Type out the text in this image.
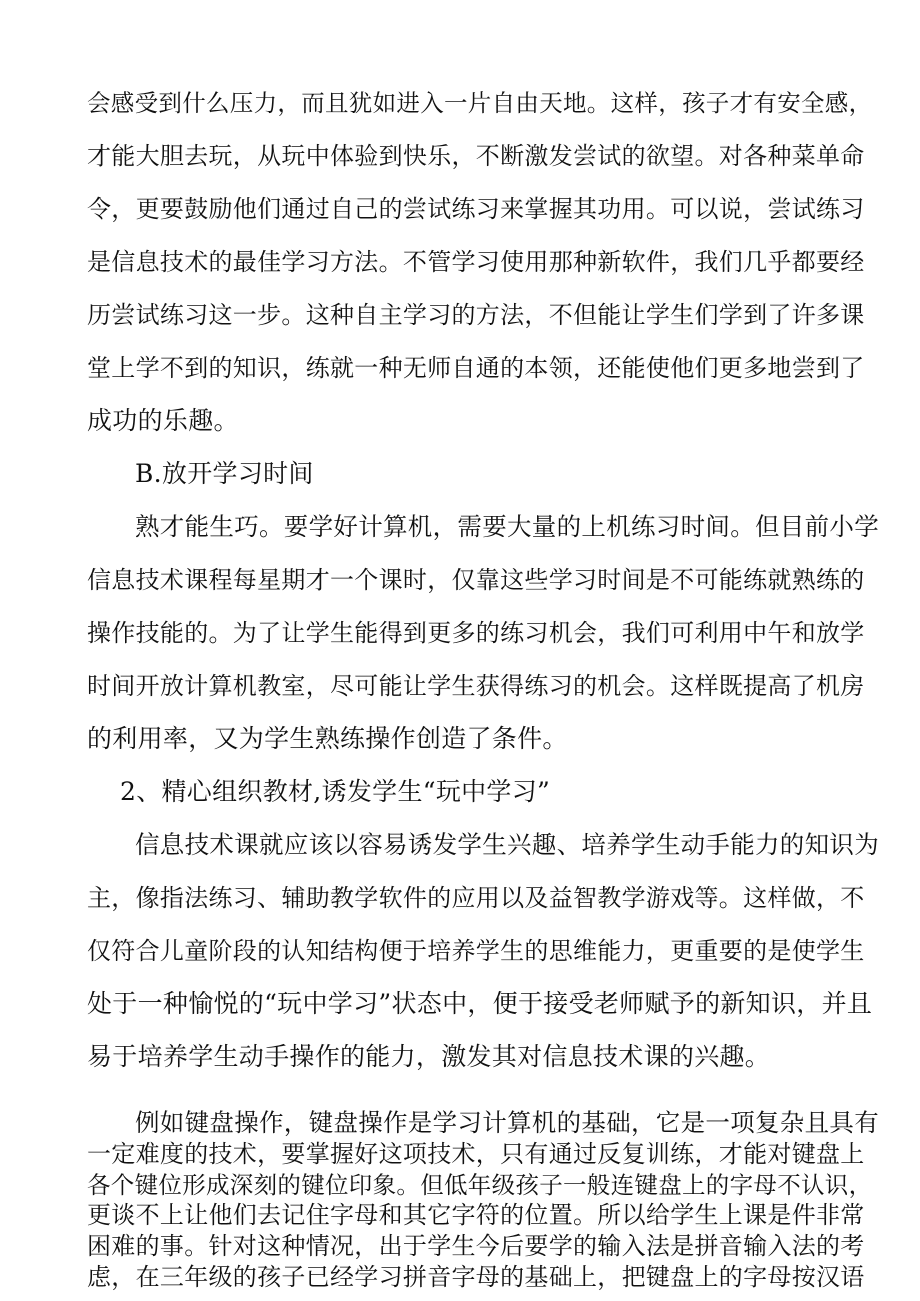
会感受到什么压力，而且犹如进入一片自由天地。这样，孩子才有安全感，
才能大胆去玩，从玩中体验到快乐，不断激发尝试的欲望。对各种菜单命
令，更要鼓励他们通过自己的尝试练习来掌握其功用。可以说，尝试练习
是信息技术的最佳学习方法。不管学习使用那种新软件，我们几乎都要经
历尝试练习这一步。这种自主学习的方法，不但能让学生们学到了许多课
堂上学不到的知识，练就一种无师自通的本领，还能使他们更多地尝到了
成功的乐趣。
B.放开学习时间
熟才能生巧。要学好计算机，需要大量的上机练习时间。但目前小学
信息技术课程每星期才一个课时，仅靠这些学习时间是不可能练就熟练的
操作技能的。为了让学生能得到更多的练习机会，我们可利用中午和放学
时间开放计算机教室，尽可能让学生获得练习的机会。这样既提高了机房
的利用率，又为学生熟练操作创造了条件。
2、精心组织教材,诱发学生“玩中学习”
信息技术课就应该以容易诱发学生兴趣、培养学生动手能力的知识为
主，像指法练习、辅助教学软件的应用以及益智教学游戏等。这样做，不
仅符合儿童阶段的认知结构便于培养学生的思维能力，更重要的是使学生
处于一种愉悦的“玩中学习”状态中，便于接受老师赋予的新知识，并且
易于培养学生动手操作的能力，激发其对信息技术课的兴趣。
例如键盘操作，键盘操作是学习计算机的基础，它是一项复杂且具有
一定难度的技术，要掌握好这项技术，只有通过反复训练，才能对键盘上
各个键位形成深刻的键位印象。但低年级孩子一般连键盘上的字母不认识，
更谈不上让他们去记住字母和其它字符的位置。所以给学生上课是件非常
困难的事。针对这种情况，出于学生今后要学的输入法是拼音输入法的考
虑，在三年级的孩子已经学习拼音字母的基础上，把键盘上的字母按汉语
